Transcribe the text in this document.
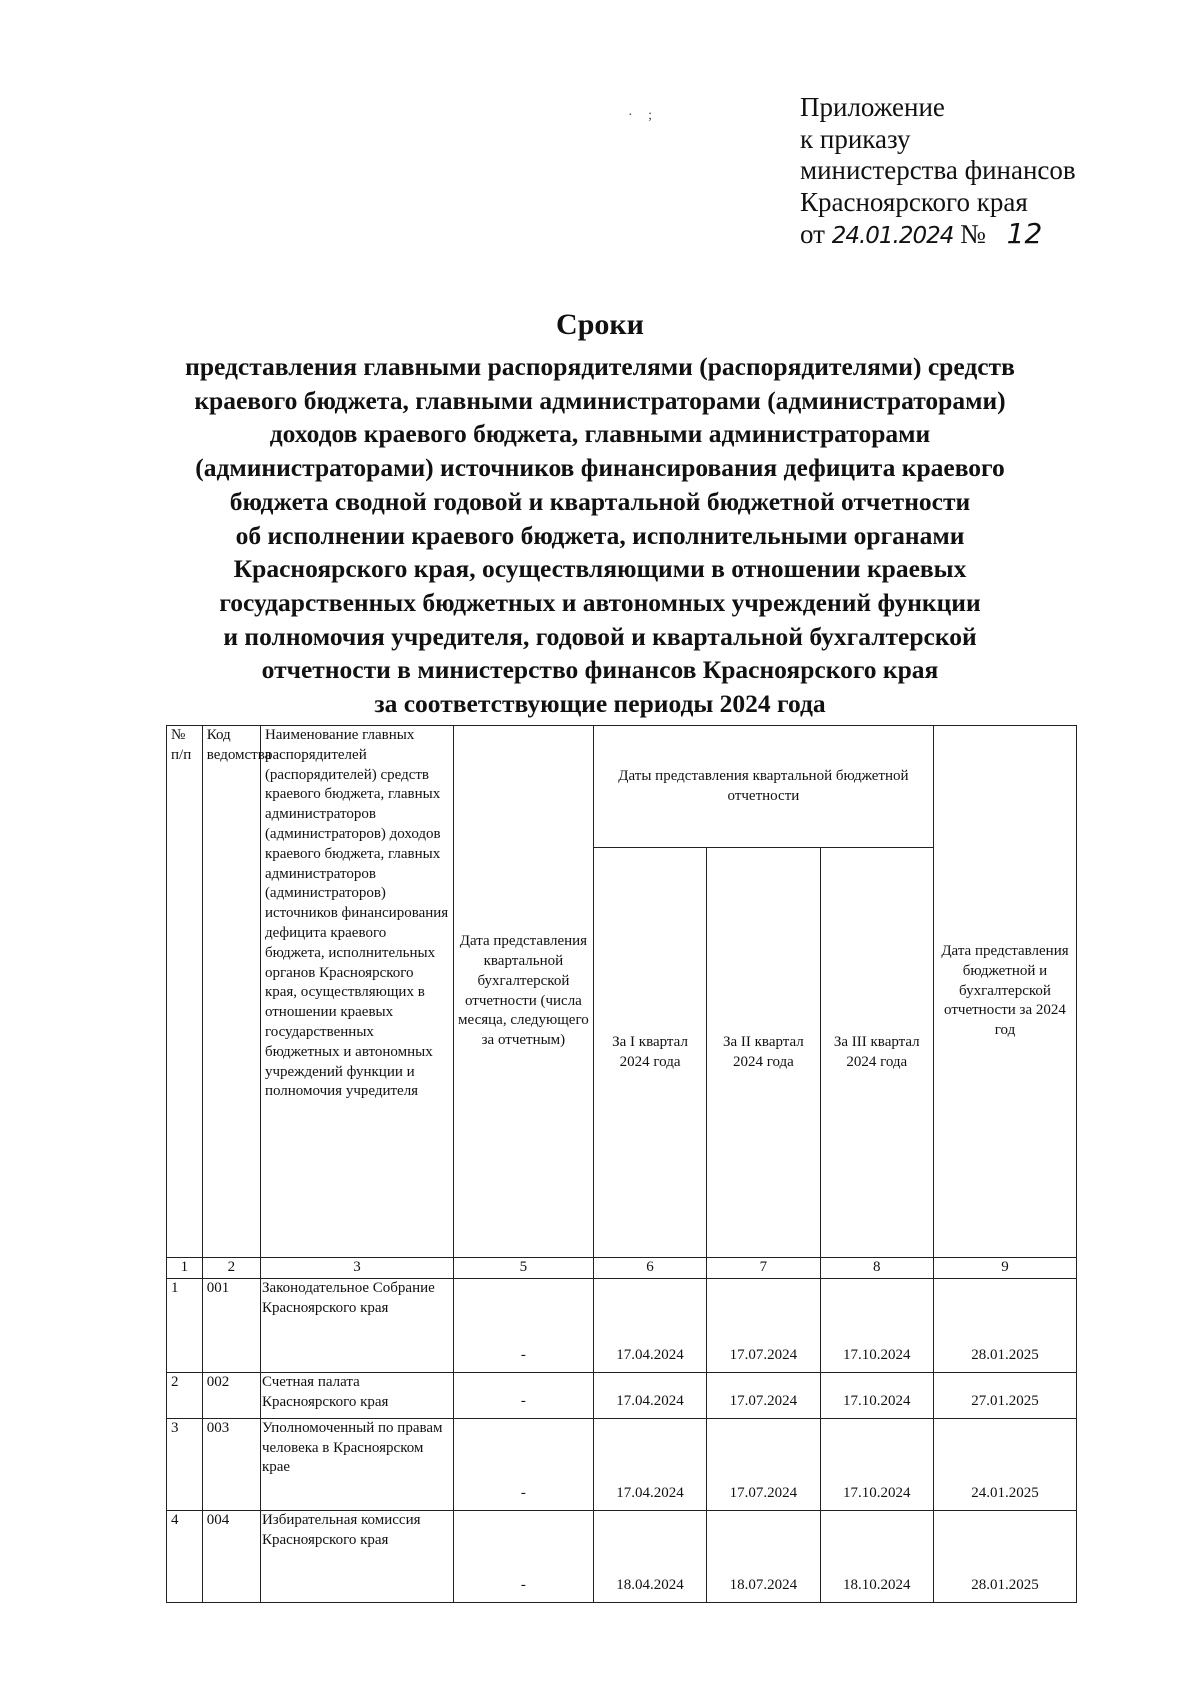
· ;	Приложение
к приказу
министерства финансов
Красноярского края
от 24.01.2024 № 12
Сроки
представления главными распорядителями (распорядителями) средств
краевого бюджета, главными администраторами (администраторами)
доходов краевого бюджета, главными администраторами
(администраторами) источников финансирования дефицита краевого
бюджета сводной годовой и квартальной бюджетной отчетности
об исполнении краевого бюджета, исполнительными органами
Красноярского края, осуществляющими в отношении краевых
государственных бюджетных и автономных учреждений функции
и полномочия учредителя, годовой и квартальной бухгалтерской
отчетности в министерство финансов Красноярского края
за соответствующие периоды 2024 года
№ п/п	Код ведомства	Наименование главных распорядителей (распорядителей) средств краевого бюджета, главных администраторов (администраторов) доходов краевого бюджета, главных администраторов (администраторов) источников финансирования дефицита краевого бюджета, исполнительных органов Красноярского края, осуществляющих в отношении краевых государственных бюджетных и автономных учреждений функции и полномочия учредителя	Дата представления квартальной бухгалтерской отчетности (числа месяца, следующего за отчетным)	Даты представления квартальной бюджетной отчетности			Дата представления бюджетной и бухгалтерской отчетности за 2024 год
				За I квартал 2024 года	За II квартал 2024 года	За III квартал 2024 года	
1	2	3	5	6	7	8	9
1	001	Законодательное Собрание Красноярского края	-	17.04.2024	17.07.2024	17.10.2024	28.01.2025
2	002	Счетная палата Красноярского края	-	17.04.2024	17.07.2024	17.10.2024	27.01.2025
3	003	Уполномоченный по правам человека в Красноярском крае	-	17.04.2024	17.07.2024	17.10.2024	24.01.2025
4	004	Избирательная комиссия Красноярского края	-	18.04.2024	18.07.2024	18.10.2024	28.01.2025
